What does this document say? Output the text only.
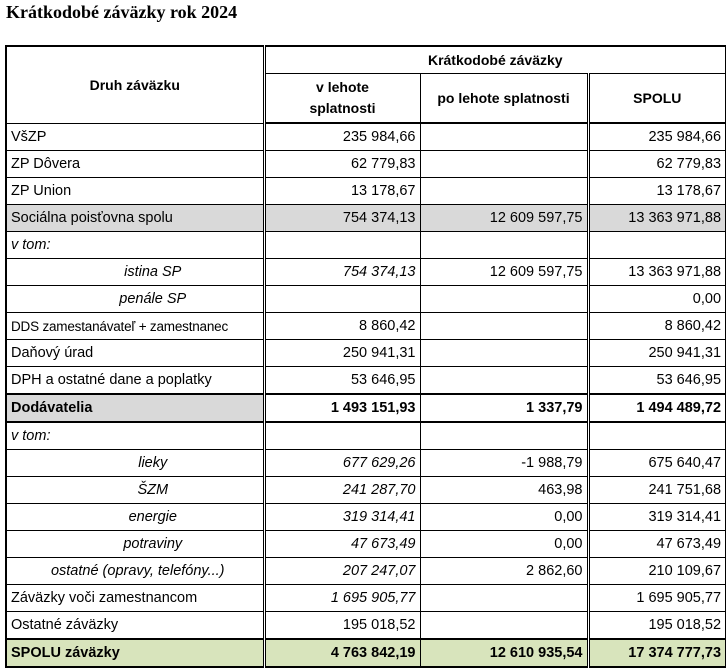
Krátkodobé záväzky rok 2024
Druh záväzku	Krátkodobé záväzky		
	v lehote splatnosti	po lehote splatnosti	SPOLU
VšZP	235 984,66		235 984,66
ZP Dôvera	62 779,83		62 779,83
ZP Union	13 178,67		13 178,67
Sociálna poisťovna spolu	754 374,13	12 609 597,75	13 363 971,88
v tom:			
istina SP	754 374,13	12 609 597,75	13 363 971,88
penále SP			0,00
DDS zamestanávateľ + zamestnanec	8 860,42		8 860,42
Daňový úrad	250 941,31		250 941,31
DPH a ostatné dane a poplatky	53 646,95		53 646,95
Dodávatelia	1 493 151,93	1 337,79	1 494 489,72
v tom:			
lieky	677 629,26	-1 988,79	675 640,47
ŠZM	241 287,70	463,98	241 751,68
energie	319 314,41	0,00	319 314,41
potraviny	47 673,49	0,00	47 673,49
ostatné (opravy, telefóny...)	207 247,07	2 862,60	210 109,67
Záväzky voči zamestnancom	1 695 905,77		1 695 905,77
Ostatné záväzky	195 018,52		195 018,52
SPOLU záväzky	4 763 842,19	12 610 935,54	17 374 777,73
